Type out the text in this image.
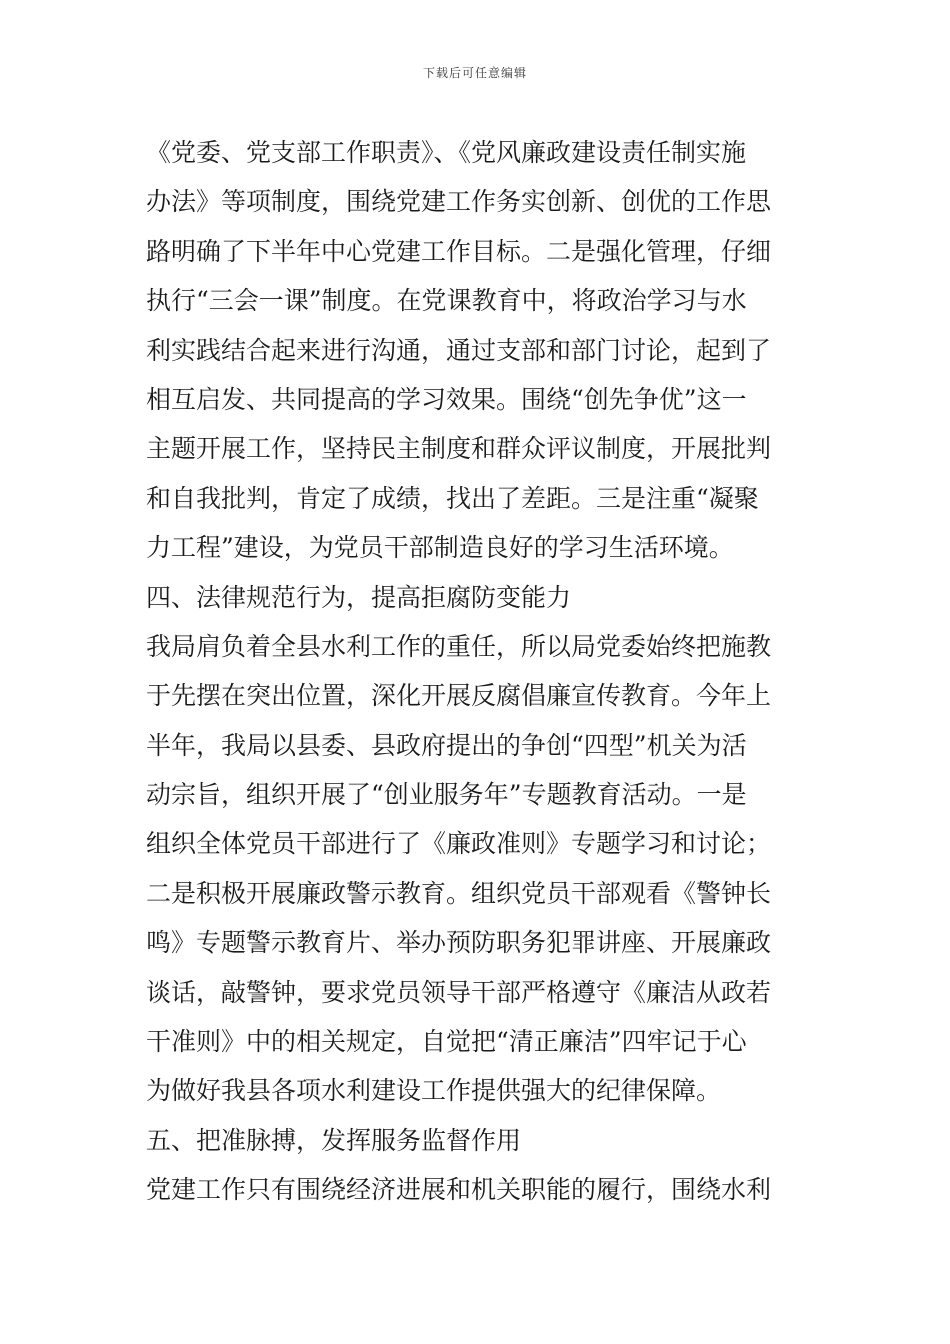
下载后可任意编辑
《党委、党支部工作职责》、《党风廉政建设责任制实施
办法》等项制度，围绕党建工作务实创新、创优的工作思
路明确了下半年中心党建工作目标。二是强化管理，仔细
执行“三会一课”制度。在党课教育中，将政治学习与水
利实践结合起来进行沟通，通过支部和部门讨论，起到了
相互启发、共同提高的学习效果。围绕“创先争优”这一
主题开展工作，坚持民主制度和群众评议制度，开展批判
和自我批判，肯定了成绩，找出了差距。三是注重“凝聚
力工程”建设，为党员干部制造良好的学习生活环境。
四、法律规范行为，提高拒腐防变能力
我局肩负着全县水利工作的重任，所以局党委始终把施教
于先摆在突出位置，深化开展反腐倡廉宣传教育。今年上
半年，我局以县委、县政府提出的争创“四型”机关为活
动宗旨，组织开展了“创业服务年”专题教育活动。一是
组织全体党员干部进行了《廉政准则》专题学习和讨论；
二是积极开展廉政警示教育。组织党员干部观看《警钟长
鸣》专题警示教育片、举办预防职务犯罪讲座、开展廉政
谈话，敲警钟，要求党员领导干部严格遵守《廉洁从政若
干准则》中的相关规定，自觉把“清正廉洁”四牢记于心
为做好我县各项水利建设工作提供强大的纪律保障。
五、把准脉搏，发挥服务监督作用
党建工作只有围绕经济进展和机关职能的履行，围绕水利
